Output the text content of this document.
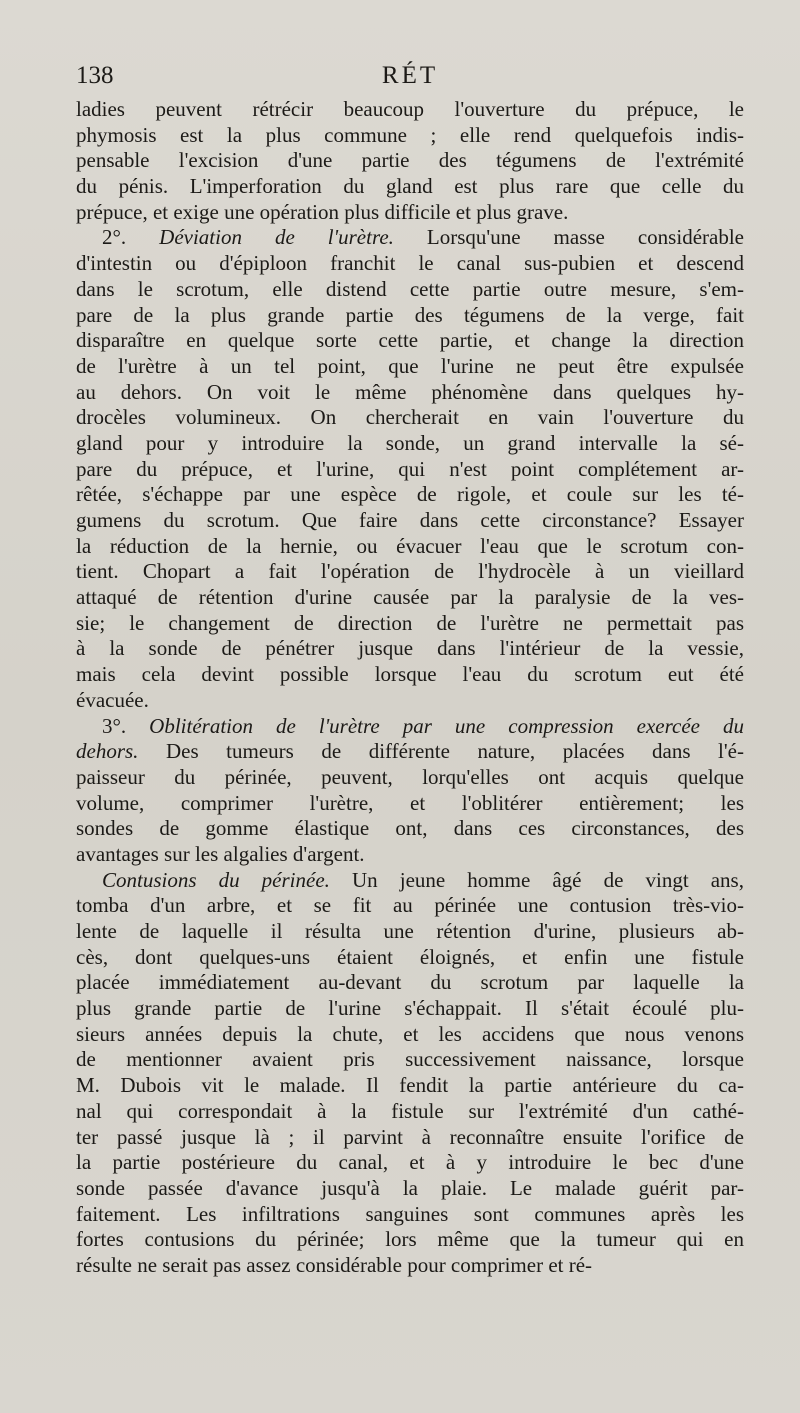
138	RÉT
ladies peuvent rétrécir beaucoup l'ouverture du prépuce, le
phymosis est la plus commune ; elle rend quelquefois indis-
pensable l'excision d'une partie des tégumens de l'extrémité
du pénis. L'imperforation du gland est plus rare que celle du
prépuce, et exige une opération plus difficile et plus grave.
2°. Déviation de l'urètre. Lorsqu'une masse considérable
d'intestin ou d'épiploon franchit le canal sus-pubien et descend
dans le scrotum, elle distend cette partie outre mesure, s'em-
pare de la plus grande partie des tégumens de la verge, fait
disparaître en quelque sorte cette partie, et change la direction
de l'urètre à un tel point, que l'urine ne peut être expulsée
au dehors. On voit le même phénomène dans quelques hy-
drocèles volumineux. On chercherait en vain l'ouverture du
gland pour y introduire la sonde, un grand intervalle la sé-
pare du prépuce, et l'urine, qui n'est point complétement ar-
rêtée, s'échappe par une espèce de rigole, et coule sur les té-
gumens du scrotum. Que faire dans cette circonstance? Essayer
la réduction de la hernie, ou évacuer l'eau que le scrotum con-
tient. Chopart a fait l'opération de l'hydrocèle à un vieillard
attaqué de rétention d'urine causée par la paralysie de la ves-
sie; le changement de direction de l'urètre ne permettait pas
à la sonde de pénétrer jusque dans l'intérieur de la vessie,
mais cela devint possible lorsque l'eau du scrotum eut été
évacuée.
3°. Oblitération de l'urètre par une compression exercée du
dehors. Des tumeurs de différente nature, placées dans l'é-
paisseur du périnée, peuvent, lorqu'elles ont acquis quelque
volume, comprimer l'urètre, et l'oblitérer entièrement; les
sondes de gomme élastique ont, dans ces circonstances, des
avantages sur les algalies d'argent.
Contusions du périnée. Un jeune homme âgé de vingt ans,
tomba d'un arbre, et se fit au périnée une contusion très-vio-
lente de laquelle il résulta une rétention d'urine, plusieurs ab-
cès, dont quelques-uns étaient éloignés, et enfin une fistule
placée immédiatement au-devant du scrotum par laquelle la
plus grande partie de l'urine s'échappait. Il s'était écoulé plu-
sieurs années depuis la chute, et les accidens que nous venons
de mentionner avaient pris successivement naissance, lorsque
M. Dubois vit le malade. Il fendit la partie antérieure du ca-
nal qui correspondait à la fistule sur l'extrémité d'un cathé-
ter passé jusque là ; il parvint à reconnaître ensuite l'orifice de
la partie postérieure du canal, et à y introduire le bec d'une
sonde passée d'avance jusqu'à la plaie. Le malade guérit par-
faitement. Les infiltrations sanguines sont communes après les
fortes contusions du périnée; lors même que la tumeur qui en
résulte ne serait pas assez considérable pour comprimer et ré-
